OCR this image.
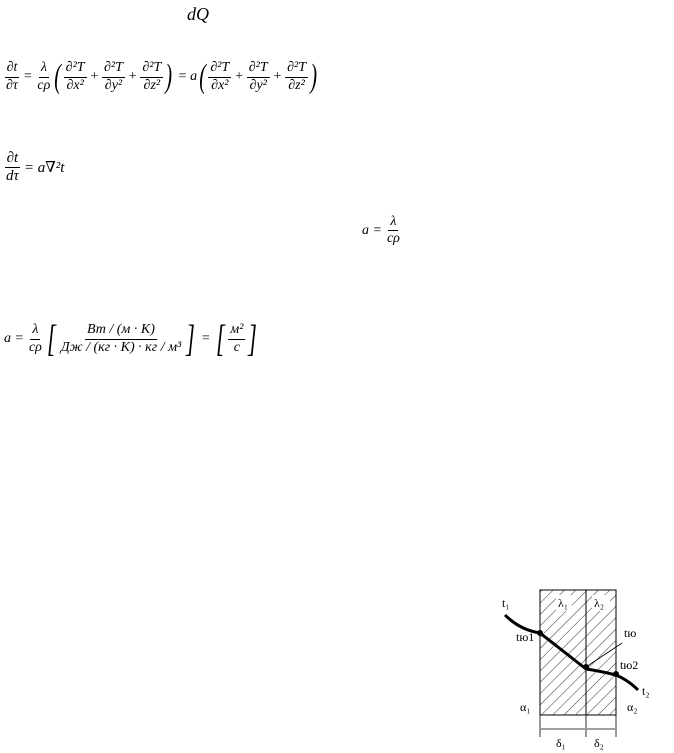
dQ
$\frac{\partial t}{\partial\tau} = \frac{\lambda}{c\rho}$ ( $\frac{\text{∂²T}}{\text{∂x²}} + \frac{\text{∂²T}}{\text{∂y²}} + \frac{\text{∂²T}}{\text{∂z²}}$ ) = a ( $\frac{\text{∂²T}}{\text{∂x²}} + \frac{\text{∂²T}}{\text{∂y²}} + \frac{\text{∂²T}}{\text{∂z²}}$ )
$\frac{\partial t}{d\tau} = a\nabla^2t$
$a = \frac{\lambda}{c\rho}$
$a = \frac{\lambda}{c\rho}$ [ $\frac{Вт / (м \cdot K)}{\text{Дж / (кг · K) · кг / м³}}$ ] = [ $\frac{\text{м²}}{с}$ ]
t₁
tю1
λ₁ λ₂
tю
tю2
t₂
α₁	α₂
δ₁ δ₂
